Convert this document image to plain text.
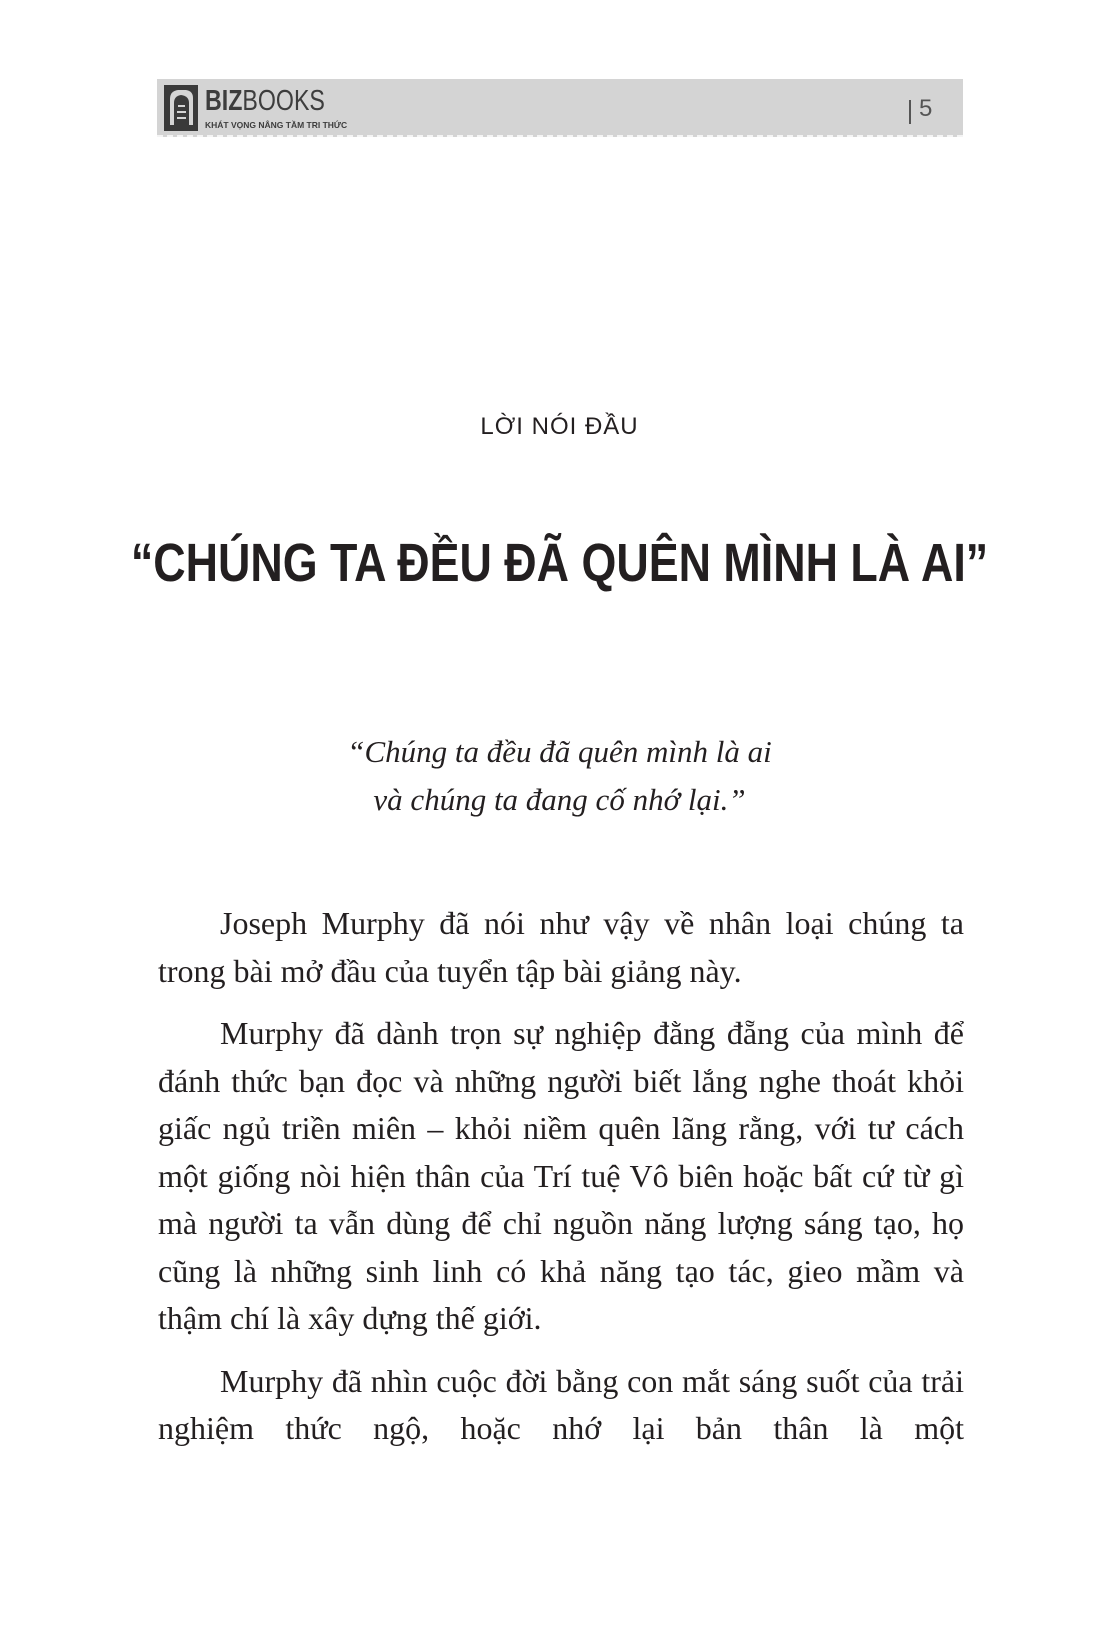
BIZBOOKS
KHÁT VỌNG NÂNG TẦM TRI THỨC
5
LỜI NÓI ĐẦU
“CHÚNG TA ĐỀU ĐÃ QUÊN MÌNH LÀ AI”
“Chúng ta đều đã quên mình là ai
và chúng ta đang cố nhớ lại.”

Joseph Murphy đã nói như vậy về nhân loại chúng ta trong bài mở đầu của tuyển tập bài giảng này.

Murphy đã dành trọn sự nghiệp đằng đẵng của mình để đánh thức bạn đọc và những người biết lắng nghe thoát khỏi giấc ngủ triền miên – khỏi niềm quên lãng rằng, với tư cách một giống nòi hiện thân của Trí tuệ Vô biên hoặc bất cứ từ gì mà người ta vẫn dùng để chỉ nguồn năng lượng sáng tạo, họ cũng là những sinh linh có khả năng tạo tác, gieo mầm và thậm chí là xây dựng thế giới.

Murphy đã nhìn cuộc đời bằng con mắt sáng suốt của trải nghiệm thức ngộ, hoặc nhớ lại bản thân là một
